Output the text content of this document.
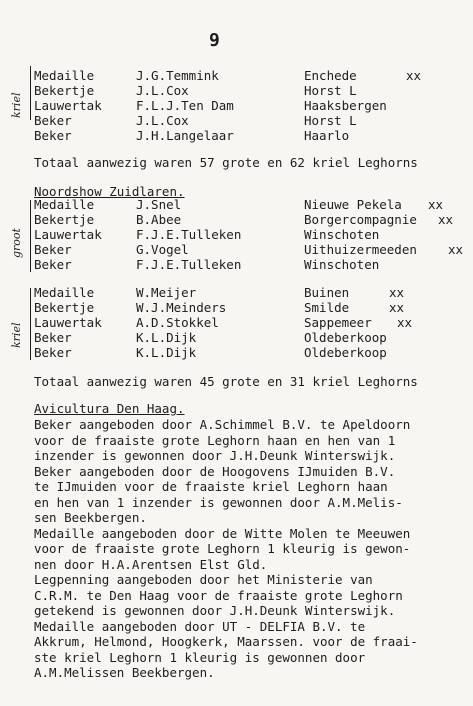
9
kriel
Medaille	J.G.Temmink	Enchede	xx
Bekertje	J.L.Cox	Horst L
Lauwertak	F.L.J.Ten Dam	Haaksbergen
Beker	J.L.Cox	Horst L
Beker	J.H.Langelaar	Haarlo
Totaal aanwezig waren 57 grote en 62 kriel Leghorns
Noordshow Zuidlaren.
groot
Medaille	J.Snel	Nieuwe Pekela xx
Bekertje	B.Abee	Borgercompagnie xx
Lauwertak	F.J.E.Tulleken	Winschoten
Beker	G.Vogel	Uithuizermeeden xx
Beker	F.J.E.Tulleken	Winschoten
kriel
Medaille	W.Meijer	Buinen	xx
Bekertje	W.J.Meinders	Smilde	xx
Lauwertak	A.D.Stokkel	Sappemeer xx
Beker	K.L.Dijk	Oldeberkoop
Beker	K.L.Dijk	Oldeberkoop
Totaal aanwezig waren 45 grote en 31 kriel Leghorns
Avicultura Den Haag.
Beker aangeboden door A.Schimmel B.V. te Apeldoorn
voor de fraaiste grote Leghorn haan en hen van 1
inzender is gewonnen door J.H.Deunk Winterswijk.
Beker aangeboden door de Hoogovens IJmuiden B.V.
te IJmuiden voor de fraaiste kriel Leghorn haan
en hen van 1 inzender is gewonnen door A.M.Melis-
sen Beekbergen.
Medaille aangeboden door de Witte Molen te Meeuwen
voor de fraaiste grote Leghorn 1 kleurig is gewon-
nen door H.A.Arentsen Elst Gld.
Legpenning aangeboden door het Ministerie van
C.R.M. te Den Haag voor de fraaiste grote Leghorn
getekend is gewonnen door J.H.Deunk Winterswijk.
Medaille aangeboden door UT - DELFIA B.V. te
Akkrum, Helmond, Hoogkerk, Maarssen. voor de fraai-
ste kriel Leghorn 1 kleurig is gewonnen door
A.M.Melissen Beekbergen.
